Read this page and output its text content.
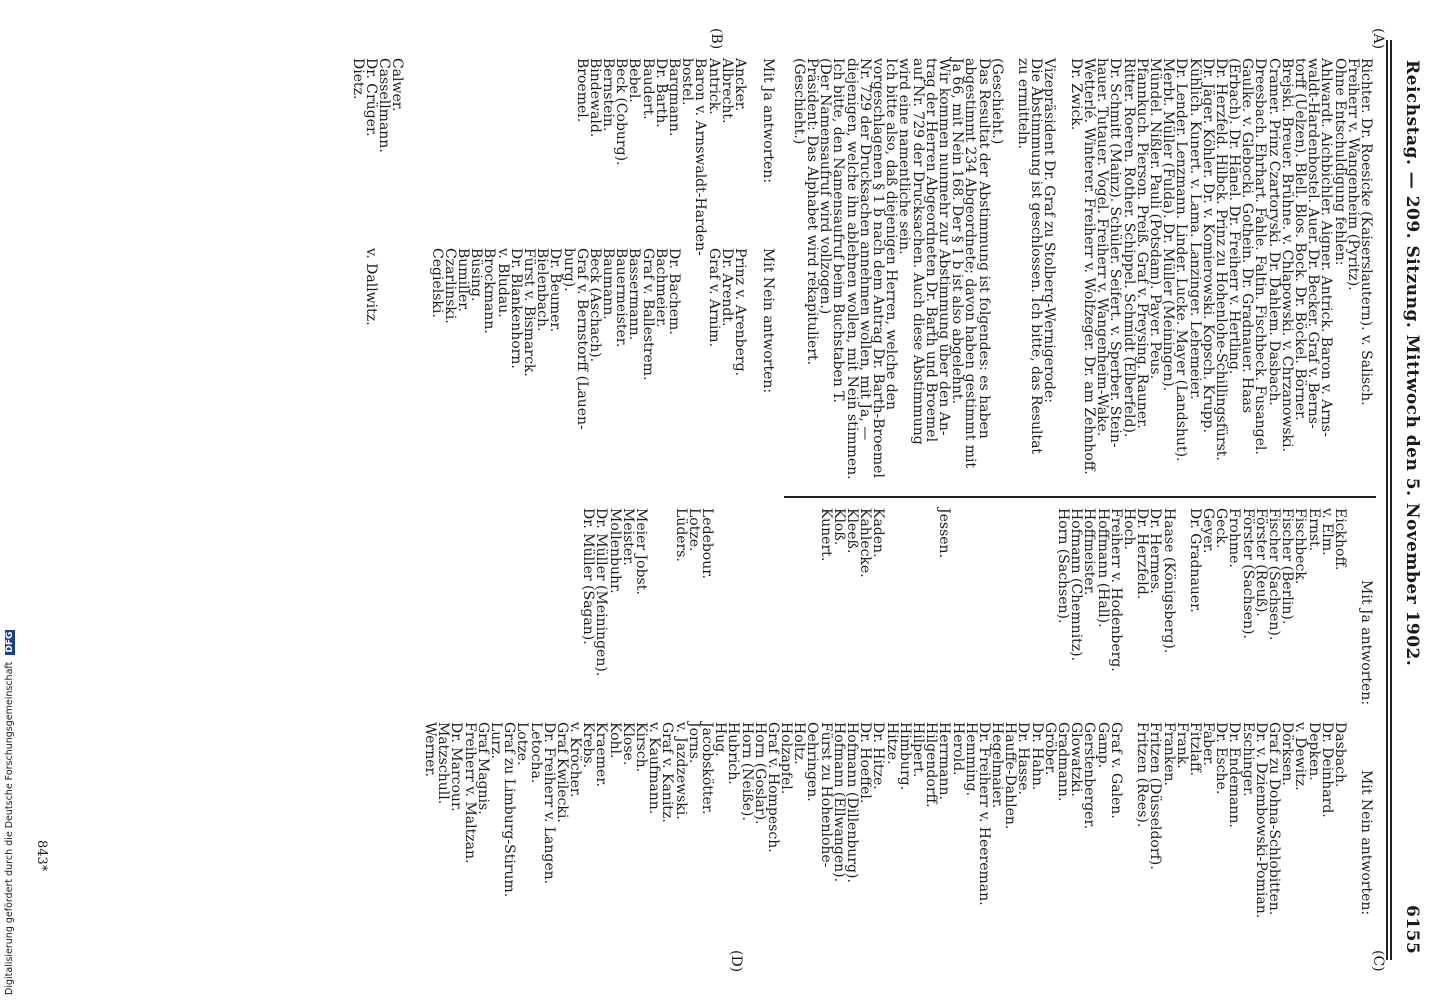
Reichstag. — 209. Sitzung. Mittwoch den 5. November 1902.
6155
(A)
(B)
(C)
(D)
Richter. Dr. Roesicke (Kaiserslautern). v. Salisch.
Freiherr v. Wangenheim (Pyritz).
Ohne Entschuldigung fehlen:
Ahlwardt. Aichbichler. Aigner. Antrick. Baron v. Arns-
waldt-Hardenbostel. Auer. Dr. Becker. Graf v. Berns-
torff (Uelzen). Blell. Blos. Bock. Dr. Böckel. Börner.
Brejski. Breuer. Brühne. v. Chlapowski. v. Chrzanowski.
Cramer. Prinz Czartoryski. Dr. Dahlem. Dasbach.
Dreesbach. Ehrhart. Fahle. Faltin. Fischbeck. Fusangel.
Gaulke. v. Glebocki. Gothein. Dr. Gradnauer. Haas
(Erbach). Dr. Hänel. Dr. Freiherr v. Hertling.
Dr. Herzfeld. Hilbck. Prinz zu Hohenlohe-Schillingsfürst.
Dr. Jäger. Köhler. Dr. v. Komierowski. Kopsch. Krupp.
Kühlich. Kunert. v. Lama. Lanzinger. Lehemeier.
Dr. Lender. Lenzmann. Linder. Lucke. Mayer (Landshut).
Merbt. Müller (Fulda). Dr. Müller (Meiningen).
Mündel. Nißler. Pauli (Potsdam). Payer. Peus.
Pfannkuch. Pierson. Preiß. Graf v. Preysing. Rauner.
Ritter. Roeren. Rother. Schippel. Schmidt (Elberfeld).
Dr. Schmitt (Mainz). Schüler. Seifert. v. Sperber. Stein-
hauer. Tutauer. Vogel. Freiherr v. Wangenheim-Wake.
Wetterlé. Winterer. Freiherr v. Wolfzeger. Dr. am Zehnhoff.
Dr. Zwick.
Vizepräsident Dr. Graf zu Stolberg-Wernigerode:
Die Abstimmung ist geschlossen. Ich bitte, das Resultat
zu ermitteln.
(Geschieht.)
Das Resultat der Abstimmung ist folgendes: es haben
abgestimmt 234 Abgeordnete; davon haben gestimmt mit
Ja 66, mit Nein 168. Der § 1 b ist also abgelehnt.
Wir kommen nunmehr zur Abstimmung über den An-
trag der Herren Abgeordneten Dr. Barth und Broemel
auf Nr. 729 der Drucksachen. Auch diese Abstimmung
wird eine namentliche sein.
Ich bitte also, daß diejenigen Herren, welche den
vorgeschlagenen § 1 b nach dem Antrag Dr. Barth-Broemel
Nr. 729 der Drucksachen annehmen wollen, mit Ja, —
diejenigen, welche ihn ablehnen wollen, mit Nein stimmen.
Ich bitte, den Namensaufruf beim Buchstaben T.
(Der Namensaufruf wird vollzogen.)
Präsident: Das Alphabet wird rekapituliert.
(Geschieht.)
Mit Ja antworten:
Mit Nein antworten:
Ancker.
Albrecht.
Antrick.
Baron v. Arnswaldt-Harden-
bostel.
Bargmann.
Dr. Barth.
Baudert.
Bebel.
Beck (Coburg).
Bernstein.
Bindewald.
Broemel.
Calwer.
Cassellmann.
Dr. Crüger.
Dietz.
Prinz v. Arenberg.
Dr. Arendt.
Graf v. Arnim.
Dr. Bachem.
Bachmeier.
Graf v. Ballestrem.
Bassermann.
Bauermeister.
Baumann.
Beck (Aschach).
Graf v. Bernstorff (Lauen-
burg).
Dr. Beumer.
Bielenbach.
Fürst v. Bismarck.
Dr. Blankenhorn.
v. Bludau.
Brockmann.
Büsing.
Bumiller.
Czarlinski.
Cegielski.
v. Dallwitz.
Mit Ja antworten:
Mit Nein antworten:
Eickhoff.
v. Elm.
Ernst.
Fischbeck.
Fischer (Berlin).
Fischer (Sachsen).
Förster (Reuß).
Förster (Sachsen).
Frohme.
Geck.
Geyer.
Dr. Gradnauer.
Haase (Königsberg).
Dr. Hermes.
Dr. Herzfeld.
Hoch.
Freiherr v. Hodenberg.
Hoffmann (Hall).
Hoffmeister.
Hofmann (Chemnitz).
Horn (Sachsen).
Jessen.
Kaden.
Kahlecke.
Kleeß.
Kloß.
Kunert.
Ledebour.
Lotze.
Lüders.
Meier Jobst.
Meister.
Mollenbuhr.
Dr. Müller (Meiningen).
Dr. Müller (Sagan).
Dasbach.
Dr. Deinhard.
Depken.
v. Dewitz.
Dörksen.
Graf zu Dohna-Schlobitten.
Dr. v. Dziembowski-Pomian.
Eschinger.
Dr. Endemann.
Dr. Esche.
Faber.
Fitzlaff.
Frank.
Franken.
Fritzen (Düsseldorf).
Fritzen (Rees).
Graf v. Galen.
Gamp.
Gerstenberger.
Glowatzki.
Gradmann.
Gröber.
Dr. Hahn.
Dr. Hasse.
Hauffe-Dahlen.
Hegelmaier.
Dr. Freiherr v. Heereman.
Hemming.
Herold.
Herrmann.
Hilgendorff.
Hilpert.
Himburg.
Hitze.
Dr. Hitze.
Dr. Hoeffel.
Hofmann (Dillenburg).
Hofmann (Ellwangen).
Fürst zu Hohenlohe-
Oehringen.
Holtz.
Holzapfel.
Graf v. Hompesch.
Horn (Goslar).
Horn (Neiße).
Hubrich.
Hug.
Jacobskötter.
Jorns.
v. Jazdzewski.
Graf v. Kanitz.
v. Kaufmann.
Kirsch.
Klose.
Kohl.
Kraemer.
Krebs.
v. Kröcher.
Graf Kwilecki.
Dr. Freiherr v. Langen.
Letocha.
Lotze.
Graf zu Limburg-Stirum.
Lurz.
Graf Magnis.
Freiherr v. Maltzan.
Dr. Marcour.
Matzschull.
Werner.
843*
Digitalisierung gefördert durch die Deutsche Forschungsgemeinschaft DFG
